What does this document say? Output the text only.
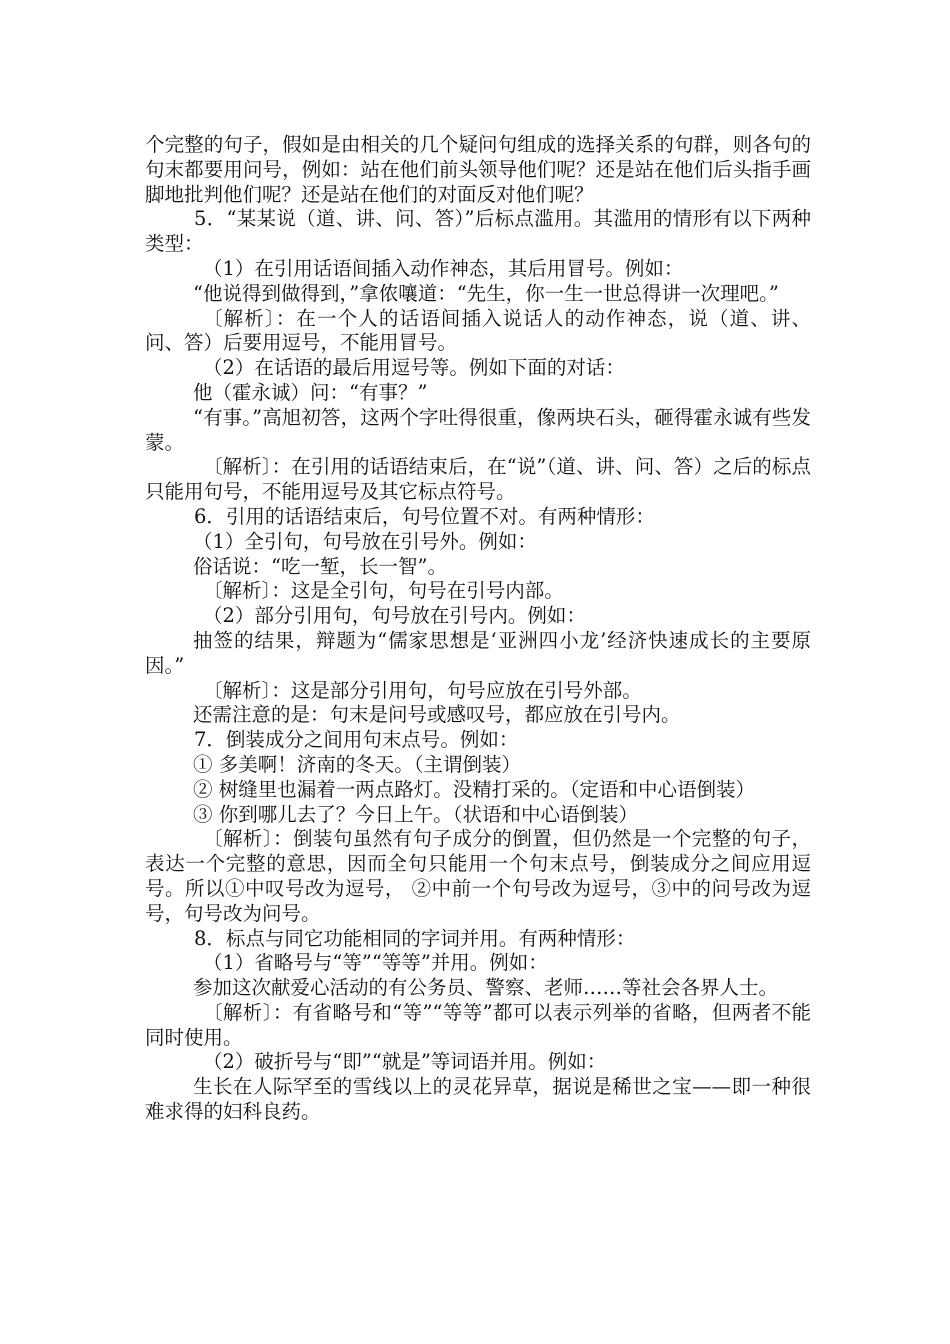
个完整的句子，假如是由相关的几个疑问句组成的选择关系的句群，则各句的句末都要用问号，例如：站在他们前头领导他们呢？还是站在他们后头指手画脚地批判他们呢？还是站在他们的对面反对他们呢？

5．“某某说（道、讲、问、答）”后标点滥用。其滥用的情形有以下两种类型：

（1）在引用话语间插入动作神态，其后用冒号。例如：

“他说得到做得到，”拿侬嚷道：“先生，你一生一世总得讲一次理吧。”

〔解析〕：在一个人的话语间插入说话人的动作神态，说（道、讲、问、答）后要用逗号，不能用冒号。

（2）在话语的最后用逗号等。例如下面的对话：

他（霍永诚）问：“有事？”

“有事。”高旭初答，这两个字吐得很重，像两块石头，砸得霍永诚有些发蒙。

〔解析〕：在引用的话语结束后，在“说”（道、讲、问、答）之后的标点只能用句号，不能用逗号及其它标点符号。

6．引用的话语结束后，句号位置不对。有两种情形：

（1）全引句，句号放在引号外。例如：

俗话说：“吃一堑，长一智”。

〔解析〕：这是全引句，句号在引号内部。

（2）部分引用句，句号放在引号内。例如：

抽签的结果，辩题为“儒家思想是‘亚洲四小龙’经济快速成长的主要原因。”

〔解析〕：这是部分引用句，句号应放在引号外部。

还需注意的是：句末是问号或感叹号，都应放在引号内。

7．倒装成分之间用句末点号。例如：

① 多美啊！济南的冬天。（主谓倒装）

② 树缝里也漏着一两点路灯。没精打采的。（定语和中心语倒装）

③ 你到哪儿去了？今日上午。（状语和中心语倒装）

〔解析〕：倒装句虽然有句子成分的倒置，但仍然是一个完整的句子，表达一个完整的意思，因而全句只能用一个句末点号，倒装成分之间应用逗号。所以①中叹号改为逗号， ②中前一个句号改为逗号，③中的问号改为逗号，句号改为问号。

8．标点与同它功能相同的字词并用。有两种情形：

（1）省略号与“等”“等等”并用。例如：

参加这次献爱心活动的有公务员、警察、老师……等社会各界人士。

〔解析〕：有省略号和“等”“等等”都可以表示列举的省略，但两者不能同时使用。

（2）破折号与“即”“就是”等词语并用。例如：

生长在人际罕至的雪线以上的灵花异草，据说是稀世之宝——即一种很难求得的妇科良药。
